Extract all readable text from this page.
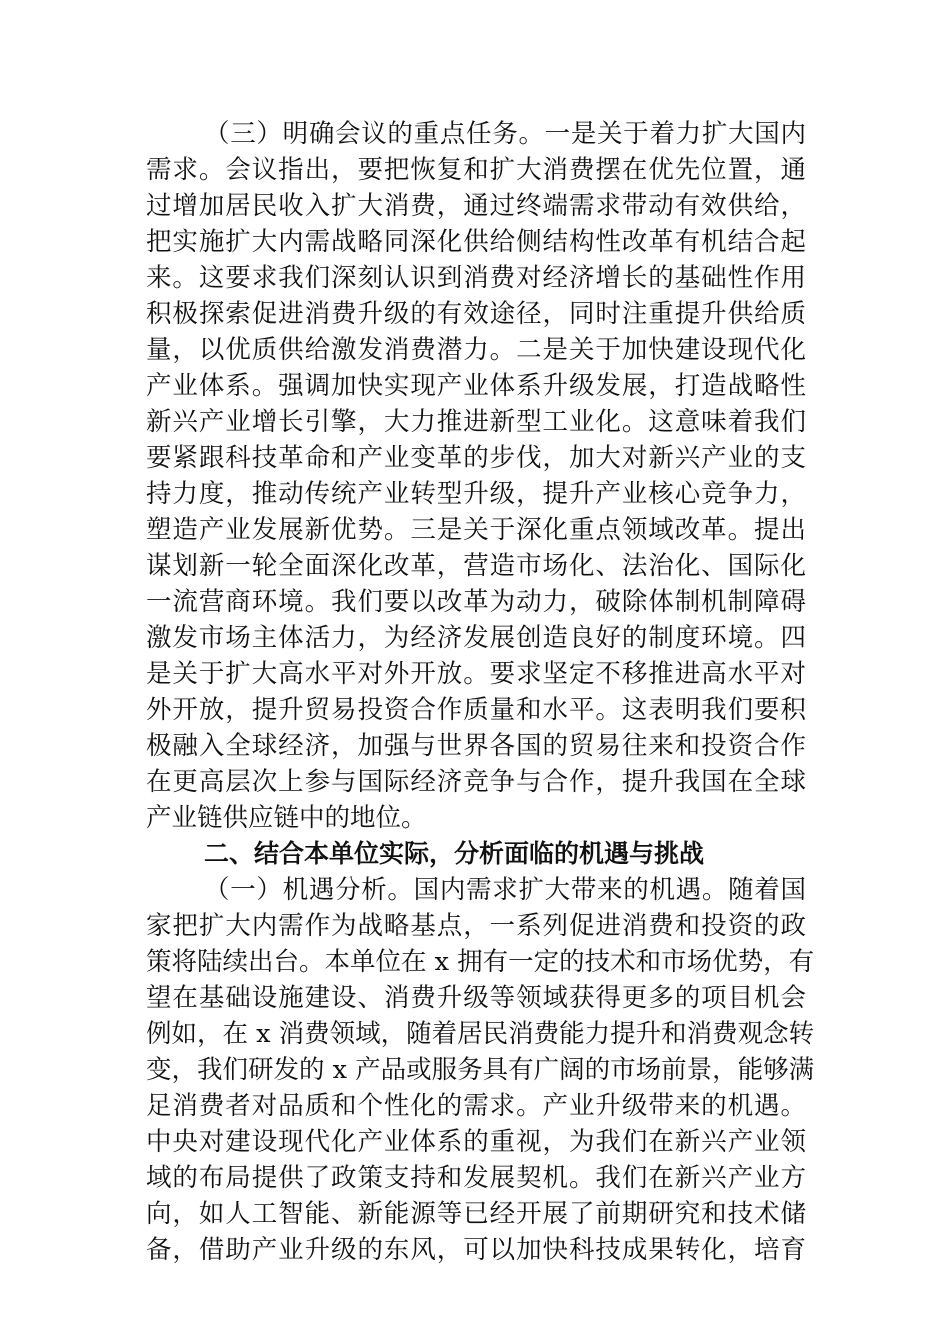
（三）明确会议的重点任务。一是关于着力扩大国内
需求。会议指出，要把恢复和扩大消费摆在优先位置，通
过增加居民收入扩大消费，通过终端需求带动有效供给，
把实施扩大内需战略同深化供给侧结构性改革有机结合起
来。这要求我们深刻认识到消费对经济增长的基础性作用
积极探索促进消费升级的有效途径，同时注重提升供给质
量，以优质供给激发消费潜力。二是关于加快建设现代化
产业体系。强调加快实现产业体系升级发展，打造战略性
新兴产业增长引擎，大力推进新型工业化。这意味着我们
要紧跟科技革命和产业变革的步伐，加大对新兴产业的支
持力度，推动传统产业转型升级，提升产业核心竞争力，
塑造产业发展新优势。三是关于深化重点领域改革。提出
谋划新一轮全面深化改革，营造市场化、法治化、国际化
一流营商环境。我们要以改革为动力，破除体制机制障碍
激发市场主体活力，为经济发展创造良好的制度环境。四
是关于扩大高水平对外开放。要求坚定不移推进高水平对
外开放，提升贸易投资合作质量和水平。这表明我们要积
极融入全球经济，加强与世界各国的贸易往来和投资合作
在更高层次上参与国际经济竞争与合作，提升我国在全球
产业链供应链中的地位。
二、结合本单位实际，分析面临的机遇与挑战
（一）机遇分析。国内需求扩大带来的机遇。随着国
家把扩大内需作为战略基点，一系列促进消费和投资的政
策将陆续出台。本单位在 x 拥有一定的技术和市场优势，有
望在基础设施建设、消费升级等领域获得更多的项目机会
例如，在 x 消费领域，随着居民消费能力提升和消费观念转
变，我们研发的 x 产品或服务具有广阔的市场前景，能够满
足消费者对品质和个性化的需求。产业升级带来的机遇。
中央对建设现代化产业体系的重视，为我们在新兴产业领
域的布局提供了政策支持和发展契机。我们在新兴产业方
向，如人工智能、新能源等已经开展了前期研究和技术储
备，借助产业升级的东风，可以加快科技成果转化，培育
